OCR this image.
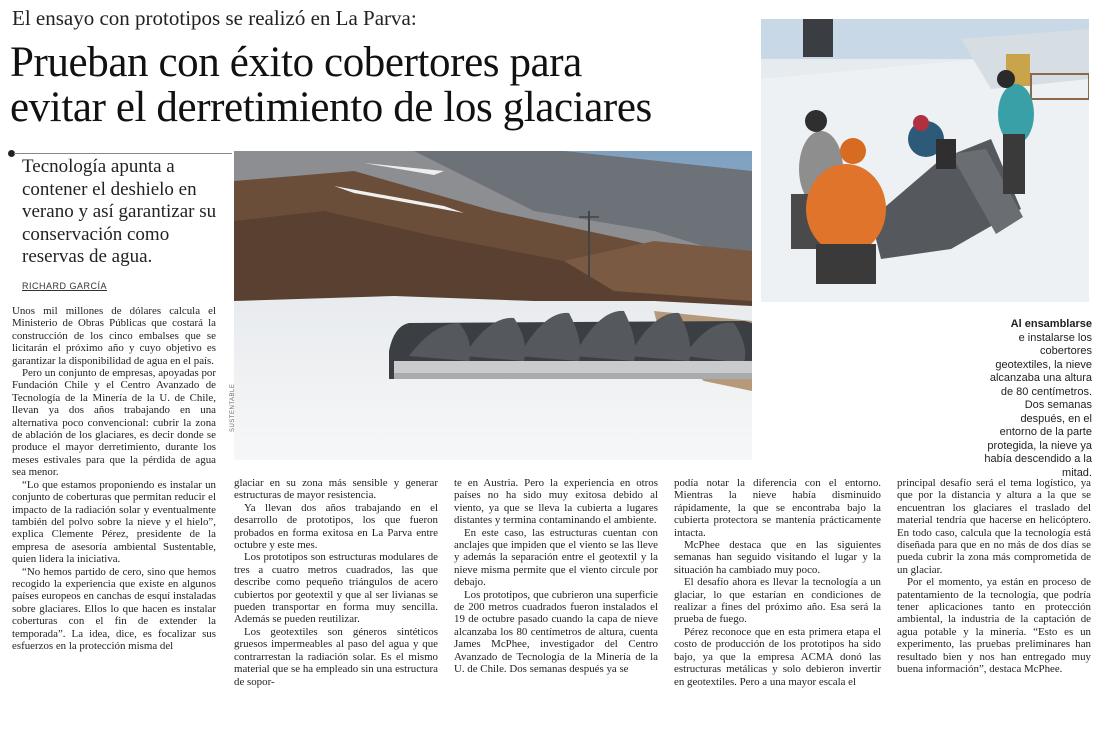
El ensayo con prototipos se realizó en La Parva:
Prueban con éxito cobertores para
evitar el derretimiento de los glaciares
Tecnología apunta a contener el deshielo en verano y así garantizar su conservación como reservas de agua.
RICHARD GARCÍA
SUSTENTABLE
Al ensamblarse
e instalarse los cobertores geotextiles, la nieve alcanzaba una altura de 80 centímetros. Dos semanas después, en el entorno de la parte protegida, la nieve ya había descendido a la mitad.

Unos mil millones de dólares calcula el Ministerio de Obras Públicas que costará la construcción de los cinco embalses que se licitarán el próximo año y cuyo objetivo es garantizar la disponibilidad de agua en el país.

Pero un conjunto de empresas, apoyadas por Fundación Chile y el Centro Avanzado de Tecnología de la Minería de la U. de Chile, llevan ya dos años trabajando en una alternativa poco convencional: cubrir la zona de ablación de los glaciares, es decir donde se produce el mayor derretimiento, durante los meses estivales para que la pérdida de agua sea menor.

“Lo que estamos proponiendo es instalar un conjunto de coberturas que permitan reducir el impacto de la radiación solar y eventualmente también del polvo sobre la nieve y el hielo”, explica Clemente Pérez, presidente de la empresa de asesoría ambiental Sustentable, quien lidera la iniciativa.

“No hemos partido de cero, sino que hemos recogido la experiencia que existe en algunos países europeos en canchas de esquí instaladas sobre glaciares. Ellos lo que hacen es instalar coberturas con el fin de extender la temporada”. La idea, dice, es focalizar sus esfuerzos en la protección misma del

glaciar en su zona más sensible y generar estructuras de mayor resistencia.

Ya llevan dos años trabajando en el desarrollo de prototipos, los que fueron probados en forma exitosa en La Parva entre octubre y este mes.

Los prototipos son estructuras modulares de tres a cuatro metros cuadrados, las que describe como pequeño triángulos de acero cubiertos por geotextil y que al ser livianas se pueden transportar en forma muy sencilla. Además se pueden reutilizar.

Los geotextiles son géneros sintéticos gruesos impermeables al paso del agua y que contrarrestan la radiación solar. Es el mismo material que se ha empleado sin una estructura de sopor-

te en Austria. Pero la experiencia en otros países no ha sido muy exitosa debido al viento, ya que se lleva la cubierta a lugares distantes y termina contaminando el ambiente.

En este caso, las estructuras cuentan con anclajes que impiden que el viento se las lleve y además la separación entre el geotextil y la nieve misma permite que el viento circule por debajo.

Los prototipos, que cubrieron una superficie de 200 metros cuadrados fueron instalados el 19 de octubre pasado cuando la capa de nieve alcanzaba los 80 centímetros de altura, cuenta James McPhee, investigador del Centro Avanzado de Tecnología de la Minería de la U. de Chile. Dos semanas después ya se

podía notar la diferencia con el entorno. Mientras la nieve había disminuido rápidamente, la que se encontraba bajo la cubierta protectora se mantenía prácticamente intacta.

McPhee destaca que en las siguientes semanas han seguido visitando el lugar y la situación ha cambiado muy poco.

El desafío ahora es llevar la tecnología a un glaciar, lo que estarían en condiciones de realizar a fines del próximo año. Esa será la prueba de fuego.

Pérez reconoce que en esta primera etapa el costo de producción de los prototipos ha sido bajo, ya que la empresa ACMA donó las estructuras metálicas y solo debieron invertir en geotextiles. Pero a una mayor escala el

principal desafío será el tema logístico, ya que por la distancia y altura a la que se encuentran los glaciares el traslado del material tendría que hacerse en helicóptero. En todo caso, calcula que la tecnología está diseñada para que en no más de dos días se pueda cubrir la zona más comprometida de un glaciar.

Por el momento, ya están en proceso de patentamiento de la tecnología, que podría tener aplicaciones tanto en protección ambiental, la industria de la captación de agua potable y la minería. “Esto es un experimento, las pruebas preliminares han resultado bien y nos han entregado muy buena información”, destaca McPhee.
